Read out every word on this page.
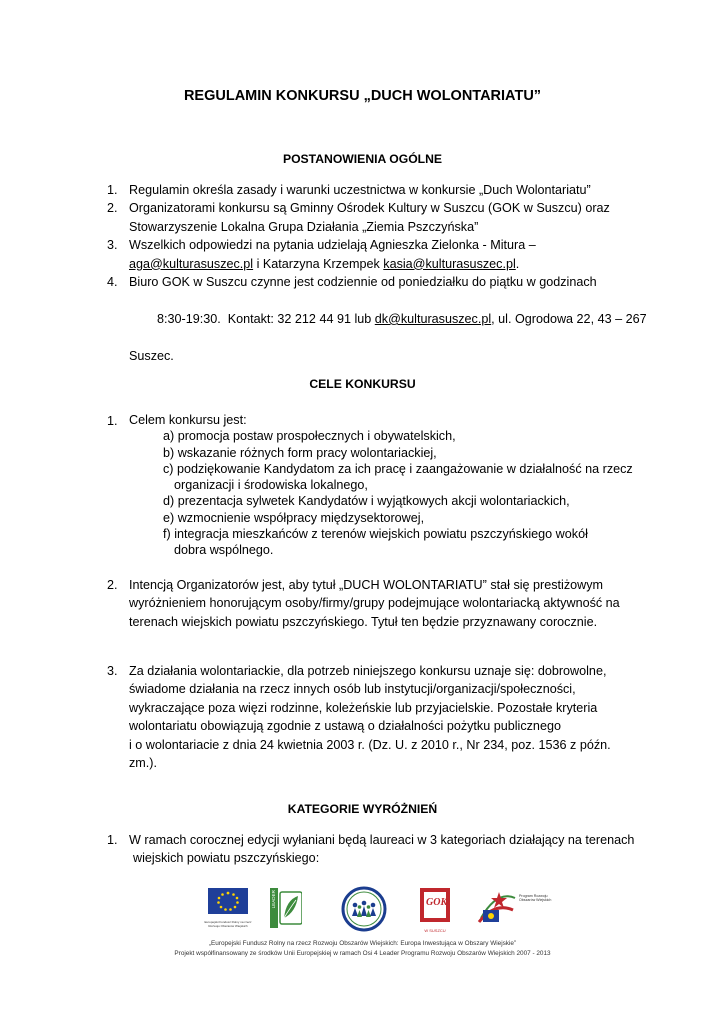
REGULAMIN KONKURSU „DUCH WOLONTARIATU”
POSTANOWIENIA OGÓLNE
1. Regulamin określa zasady i warunki uczestnictwa w konkursie „Duch Wolontariatu”
2. Organizatorami konkursu są Gminny Ośrodek Kultury w Suszcu (GOK w Suszcu) oraz
Stowarzyszenie Lokalna Grupa Działania „Ziemia Pszczyńska”
3. Wszelkich odpowiedzi na pytania udzielają Agnieszka Zielonka - Mitura –
aga@kulturasuszec.pl i Katarzyna Krzempek kasia@kulturasuszec.pl.
4. Biuro GOK w Suszcu czynne jest codziennie od poniedziałku do piątku w godzinach

8:30-19:30.  Kontakt: 32 212 44 91 lub dk@kulturasuszec.pl, ul. Ogrodowa 22, 43 – 267

Suszec.
CELE KONKURSU
1. Celem konkursu jest:
a) promocja postaw prospołecznych i obywatelskich,
b) wskazanie różnych form pracy wolontariackiej,
c) podziękowanie Kandydatom za ich pracę i zaangażowanie w działalność na rzecz
organizacji i środowiska lokalnego,
d) prezentacja sylwetek Kandydatów i wyjątkowych akcji wolontariackich,
e) wzmocnienie współpracy międzysektorowej,
f) integracja mieszkańców z terenów wiejskich powiatu pszczyńskiego wokół
dobra wspólnego.
2. Intencją Organizatorów jest, aby tytuł „DUCH WOLONTARIATU” stał się prestiżowym
wyróżnieniem honorującym osoby/firmy/grupy podejmujące wolontariacką aktywność na
terenach wiejskich powiatu pszczyńskiego. Tytuł ten będzie przyznawany corocznie.
3. Za działania wolontariackie, dla potrzeb niniejszego konkursu uznaje się: dobrowolne,
świadome działania na rzecz innych osób lub instytucji/organizacji/społeczności,
wykraczające poza więzi rodzinne, koleżeńskie lub przyjacielskie. Pozostałe kryteria
wolontariatu obowiązują zgodnie z ustawą o działalności pożytku publicznego
i o wolontariacie z dnia 24 kwietnia 2003 r. (Dz. U. z 2010 r., Nr 234, poz. 1536 z późn. zm.).
KATEGORIE WYRÓŻNIEŃ
1. W ramach corocznej edycji wyłaniani będą laureaci w 3 kategoriach działający na terenach
wiejskich powiatu pszczyńskiego:
Europejski Fundusz Rolny na rzecz Rozwoju Obszarów Wiejskich
LEADER	GOK
W SUSZCU
Program Rozwoju Obszarów Wiejskich
„Europejski Fundusz Rolny na rzecz Rozwoju Obszarów Wiejskich: Europa Inwestująca w Obszary Wiejskie”
Projekt współfinansowany ze środków Unii Europejskiej w ramach Osi 4 Leader Programu Rozwoju Obszarów Wiejskich 2007 - 2013
